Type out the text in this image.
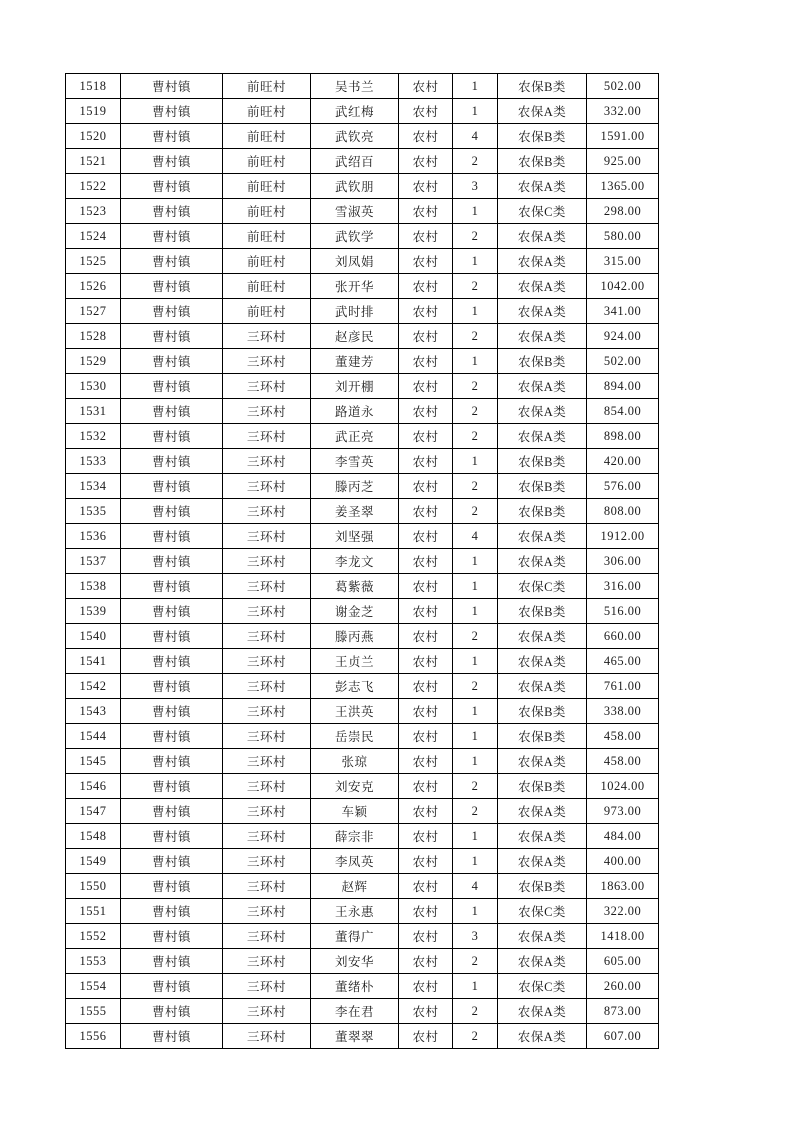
1518	曹村镇	前旺村	吴书兰	农村	1	农保B类	502.00
1519	曹村镇	前旺村	武红梅	农村	1	农保A类	332.00
1520	曹村镇	前旺村	武钦亮	农村	4	农保B类	1591.00
1521	曹村镇	前旺村	武绍百	农村	2	农保B类	925.00
1522	曹村镇	前旺村	武钦朋	农村	3	农保A类	1365.00
1523	曹村镇	前旺村	雪淑英	农村	1	农保C类	298.00
1524	曹村镇	前旺村	武钦学	农村	2	农保A类	580.00
1525	曹村镇	前旺村	刘凤娟	农村	1	农保A类	315.00
1526	曹村镇	前旺村	张开华	农村	2	农保A类	1042.00
1527	曹村镇	前旺村	武时排	农村	1	农保A类	341.00
1528	曹村镇	三环村	赵彦民	农村	2	农保A类	924.00
1529	曹村镇	三环村	董建芳	农村	1	农保B类	502.00
1530	曹村镇	三环村	刘开棚	农村	2	农保A类	894.00
1531	曹村镇	三环村	路道永	农村	2	农保A类	854.00
1532	曹村镇	三环村	武正亮	农村	2	农保A类	898.00
1533	曹村镇	三环村	李雪英	农村	1	农保B类	420.00
1534	曹村镇	三环村	滕丙芝	农村	2	农保B类	576.00
1535	曹村镇	三环村	姜圣翠	农村	2	农保B类	808.00
1536	曹村镇	三环村	刘坚强	农村	4	农保A类	1912.00
1537	曹村镇	三环村	李龙文	农村	1	农保A类	306.00
1538	曹村镇	三环村	葛紫薇	农村	1	农保C类	316.00
1539	曹村镇	三环村	谢金芝	农村	1	农保B类	516.00
1540	曹村镇	三环村	滕丙燕	农村	2	农保A类	660.00
1541	曹村镇	三环村	王贞兰	农村	1	农保A类	465.00
1542	曹村镇	三环村	彭志飞	农村	2	农保A类	761.00
1543	曹村镇	三环村	王洪英	农村	1	农保B类	338.00
1544	曹村镇	三环村	岳崇民	农村	1	农保B类	458.00
1545	曹村镇	三环村	张琼	农村	1	农保A类	458.00
1546	曹村镇	三环村	刘安克	农村	2	农保B类	1024.00
1547	曹村镇	三环村	车颖	农村	2	农保A类	973.00
1548	曹村镇	三环村	薛宗非	农村	1	农保A类	484.00
1549	曹村镇	三环村	李凤英	农村	1	农保A类	400.00
1550	曹村镇	三环村	赵辉	农村	4	农保B类	1863.00
1551	曹村镇	三环村	王永惠	农村	1	农保C类	322.00
1552	曹村镇	三环村	董得广	农村	3	农保A类	1418.00
1553	曹村镇	三环村	刘安华	农村	2	农保A类	605.00
1554	曹村镇	三环村	董绪朴	农村	1	农保C类	260.00
1555	曹村镇	三环村	李在君	农村	2	农保A类	873.00
1556	曹村镇	三环村	董翠翠	农村	2	农保A类	607.00
